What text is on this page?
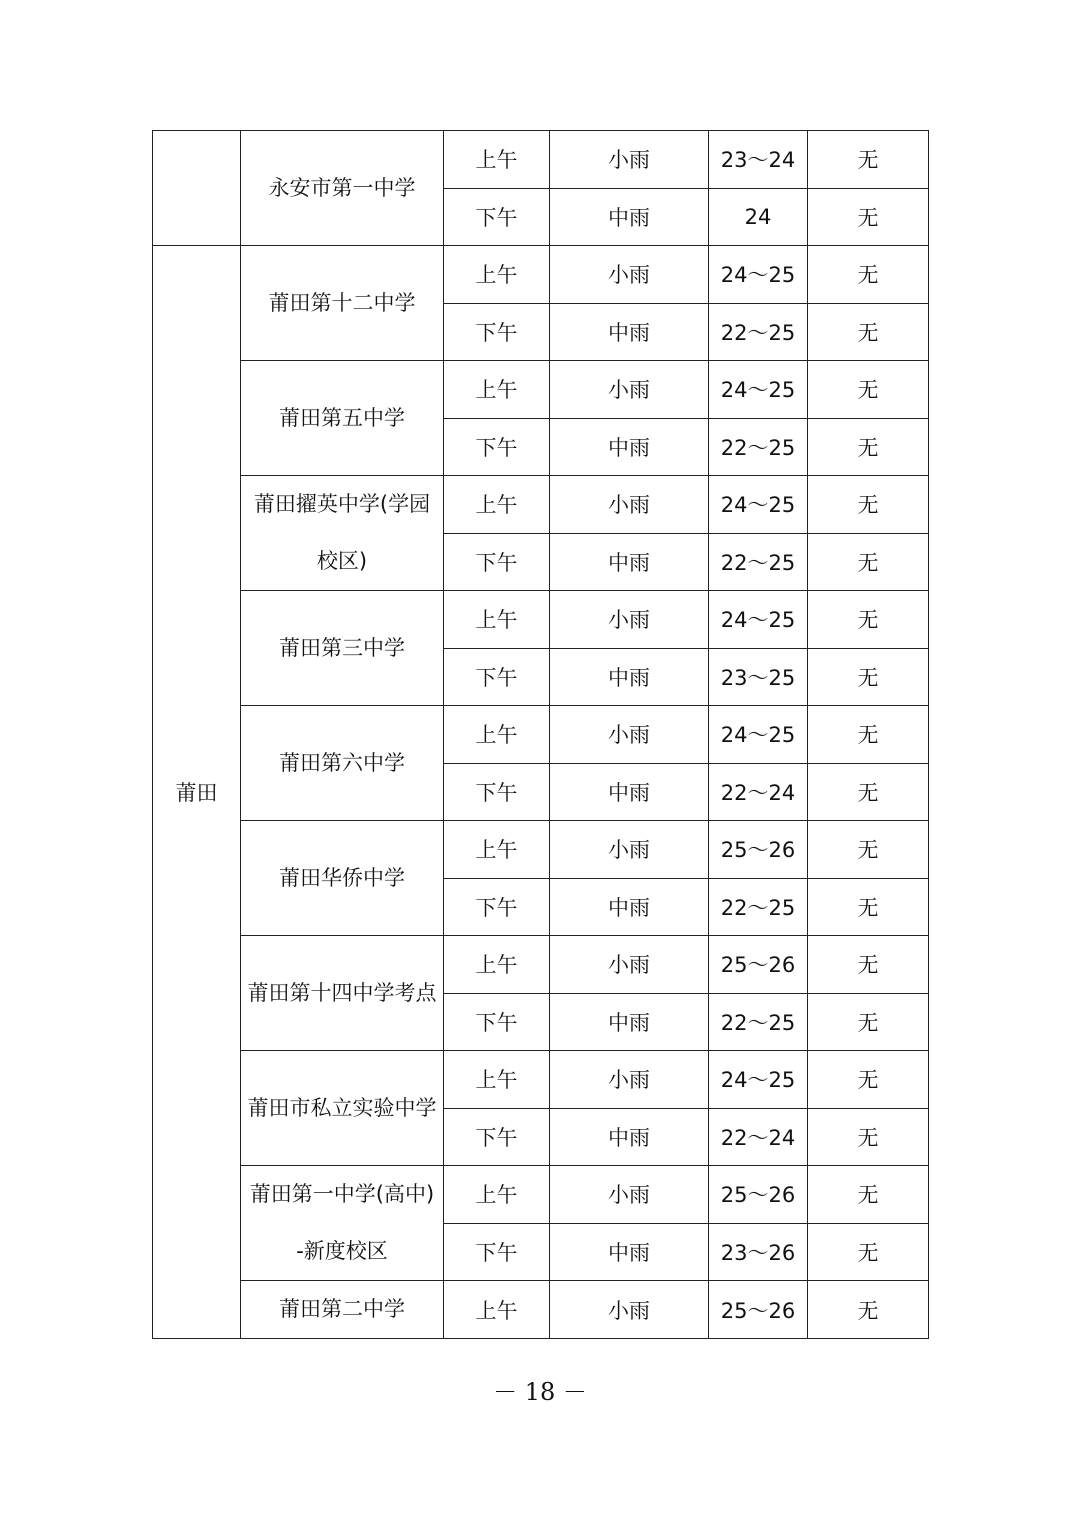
	永安市第一中学	上午	小雨	23～24	无
		下午	中雨	24	无
莆田	莆田第十二中学	上午	小雨	24～25	无
		下午	中雨	22～25	无
	莆田第五中学	上午	小雨	24～25	无
		下午	中雨	22～25	无

	莆田擢英中学(学园校区)	上午	小雨	24～25	无
		下午	中雨	22～25	无
	莆田第三中学	上午	小雨	24～25	无
		下午	中雨	23～25	无
	莆田第六中学	上午	小雨	24～25	无
		下午	中雨	22～24	无
	莆田华侨中学	上午	小雨	25～26	无
		下午	中雨	22～25	无

	莆田第十四中学考点	上午	小雨	25～26	无
		下午	中雨	22～25	无

	莆田市私立实验中学	上午	小雨	24～25	无
		下午	中雨	22～24	无

	莆田第一中学(高中)-新度校区	上午	小雨	25～26	无
		下午	中雨	23～26	无
	莆田第二中学	上午	小雨	25～26	无
－ 18 －
